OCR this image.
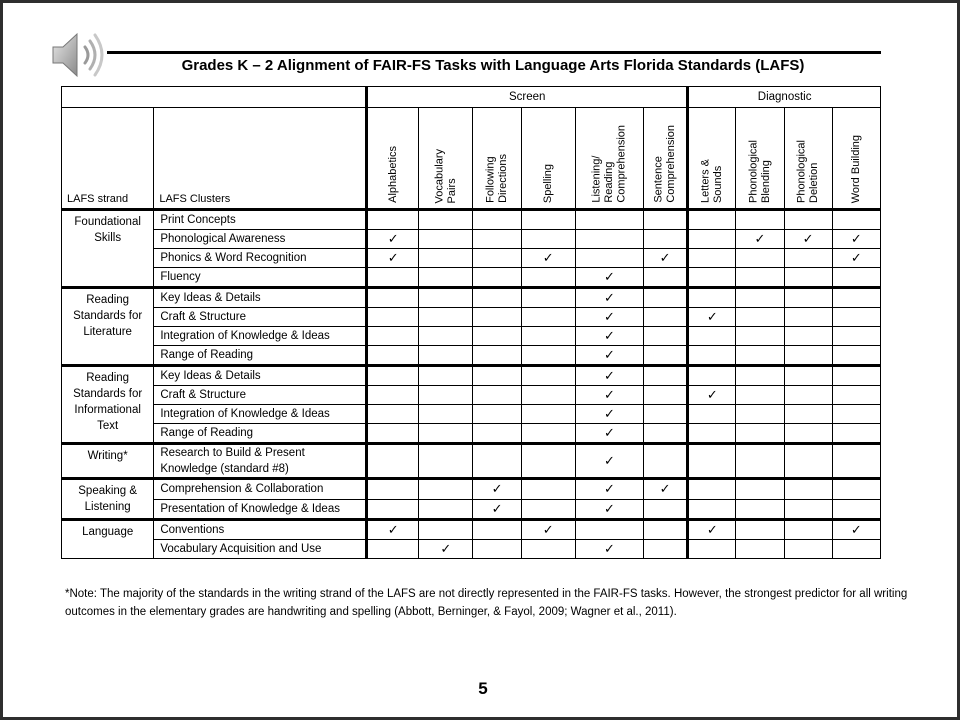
Grades K – 2 Alignment of FAIR-FS Tasks with Language Arts Florida Standards (LAFS)
		Screen						Diagnostic			
LAFS strand	LAFS Clusters	Alphabetics	Vocabulary
Pairs	Following
Directions	Spelling	Listening/
Reading
Comprehension	Sentence
Comprehension	Letters &
Sounds	Phonological
Blending	Phonological
Deletion	Word Building

Foundational
Skills	Print Concepts										
	Phonological Awareness	✓							✓	✓	✓
	Phonics & Word Recognition	✓			✓		✓				✓
	Fluency					✓					
Reading
Standards for
Literature	Key Ideas & Details					✓					
	Craft & Structure					✓		✓			
	Integration of Knowledge & Ideas					✓					
	Range of Reading					✓					
Reading
Standards for
Informational
Text	Key Ideas & Details					✓					
	Craft & Structure					✓		✓			
	Integration of Knowledge & Ideas					✓					
	Range of Reading					✓					
Writing*	Research to Build & Present
Knowledge (standard #8)					✓					
Speaking &
Listening	Comprehension & Collaboration			✓		✓	✓				
	Presentation of Knowledge & Ideas			✓		✓					
Language	Conventions	✓			✓			✓			✓
	Vocabulary Acquisition and Use		✓			✓					
*Note: The majority of the standards in the writing strand of the LAFS are not directly represented in the FAIR-FS tasks. However, the strongest predictor for all writing outcomes in the elementary grades are handwriting and spelling (Abbott, Berninger, & Fayol, 2009; Wagner et al., 2011).
5
